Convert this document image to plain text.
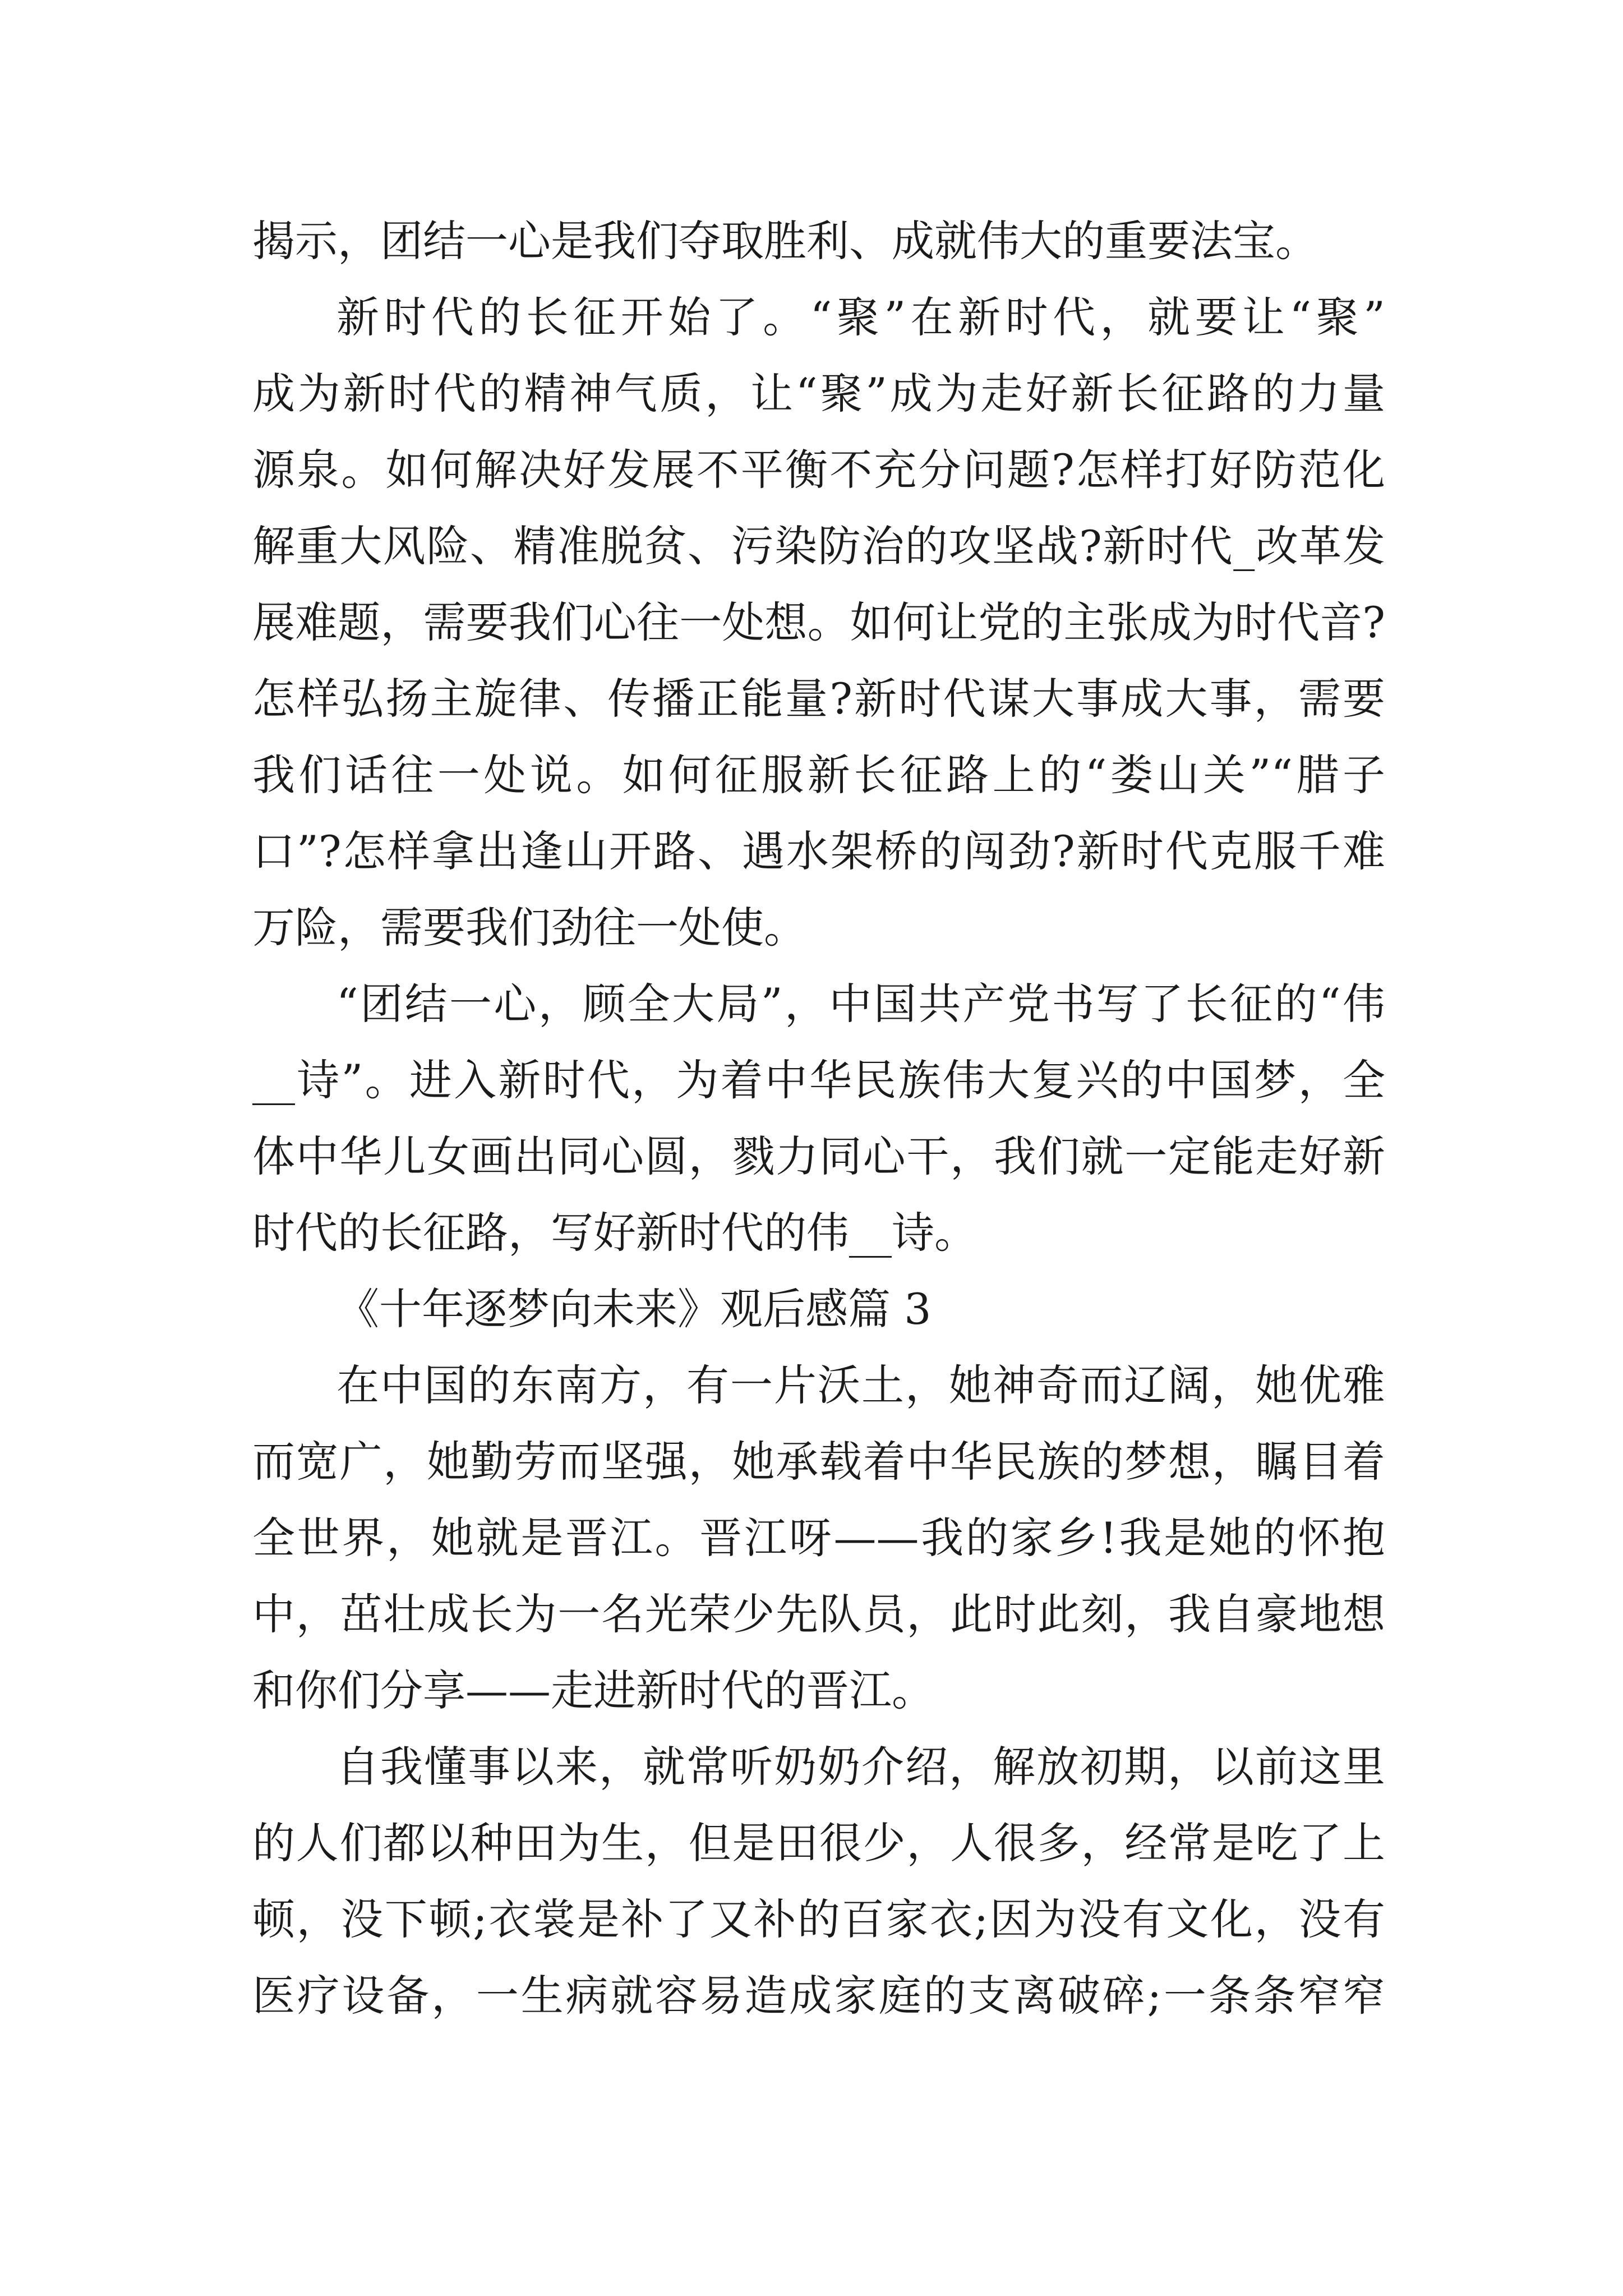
揭示，团结一心是我们夺取胜利、成就伟大的重要法宝。
新时代的长征开始了。“聚”在新时代，就要让“聚”
成为新时代的精神气质，让“聚”成为走好新长征路的力量
源泉。如何解决好发展不平衡不充分问题?怎样打好防范化
解重大风险、精准脱贫、污染防治的攻坚战?新时代_改革发
展难题，需要我们心往一处想。如何让党的主张成为时代音?
怎样弘扬主旋律、传播正能量?新时代谋大事成大事，需要
我们话往一处说。如何征服新长征路上的“娄山关”“腊子
口”?怎样拿出逢山开路、遇水架桥的闯劲?新时代克服千难
万险，需要我们劲往一处使。
“团结一心，顾全大局”，中国共产党书写了长征的“伟
__诗”。进入新时代，为着中华民族伟大复兴的中国梦，全
体中华儿女画出同心圆，戮力同心干，我们就一定能走好新
时代的长征路，写好新时代的伟__诗。
《十年逐梦向未来》观后感篇 3
在中国的东南方，有一片沃土，她神奇而辽阔，她优雅
而宽广，她勤劳而坚强，她承载着中华民族的梦想，瞩目着
全世界，她就是晋江。晋江呀——我的家乡!我是她的怀抱
中，茁壮成长为一名光荣少先队员，此时此刻，我自豪地想
和你们分享——走进新时代的晋江。
自我懂事以来，就常听奶奶介绍，解放初期，以前这里
的人们都以种田为生，但是田很少，人很多，经常是吃了上
顿，没下顿;衣裳是补了又补的百家衣;因为没有文化，没有
医疗设备，一生病就容易造成家庭的支离破碎;一条条窄窄
